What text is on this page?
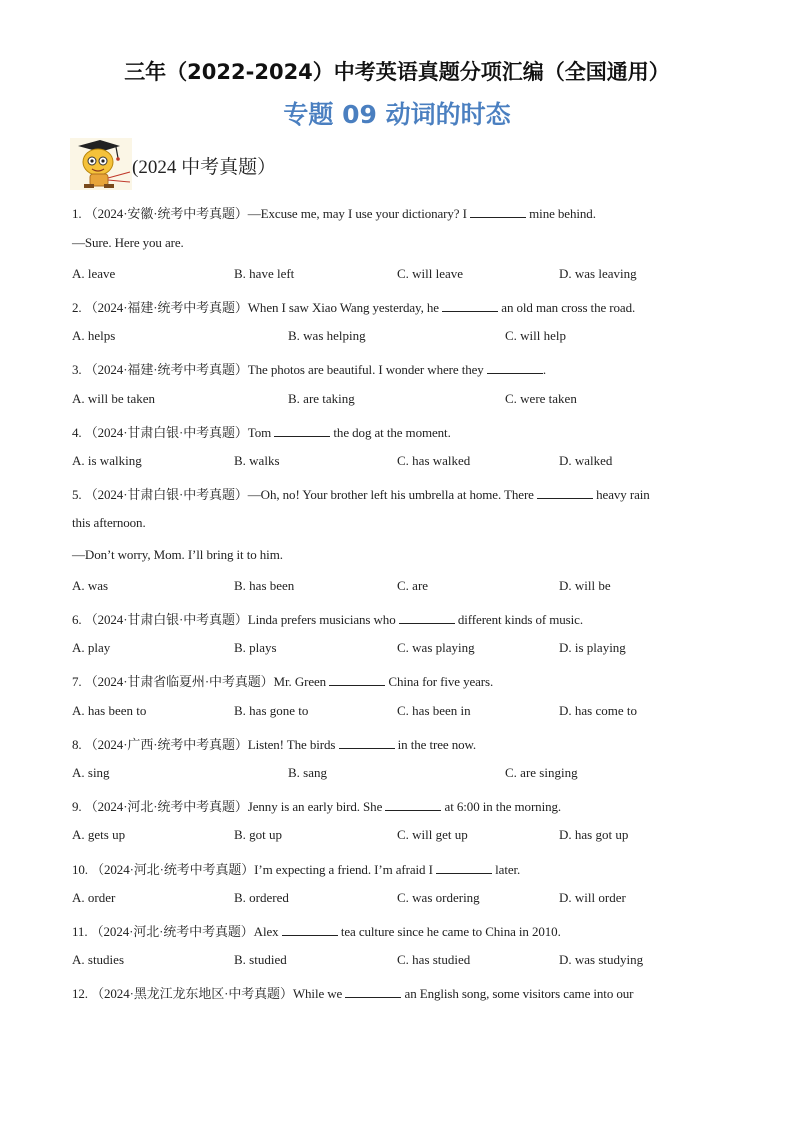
三年（2022-2024）中考英语真题分项汇编（全国通用）
专题 09 动词的时态
(2024 中考真题）
1. （2024·安徽·统考中考真题）—Excuse me, may I use your dictionary? I	mine behind.
—Sure. Here you are.
A. leave	B. have left	C. will leave	D. was leaving
2. （2024·福建·统考中考真题）When I saw Xiao Wang yesterday, he	an old man cross the road.
A. helps	B. was helping	C. will help
3. （2024·福建·统考中考真题）The photos are beautiful. I wonder where they	.
A. will be taken	B. are taking	C. were taken
4. （2024·甘肃白银·中考真题）Tom	the dog at the moment.
A. is walking	B. walks	C. has walked	D. walked
5. （2024·甘肃白银·中考真题）—Oh, no! Your brother left his umbrella at home. There	heavy rain
this afternoon.
—Don’t worry, Mom. I’ll bring it to him.
A. was	B. has been	C. are	D. will be
6. （2024·甘肃白银·中考真题）Linda prefers musicians who	different kinds of music.
A. play	B. plays	C. was playing	D. is playing
7. （2024·甘肃省临夏州·中考真题）Mr. Green	China for five years.
A. has been to	B. has gone to	C. has been in	D. has come to
8. （2024·广西·统考中考真题）Listen! The birds	in the tree now.
A. sing	B. sang	C. are singing
9. （2024·河北·统考中考真题）Jenny is an early bird. She	at 6:00 in the morning.
A. gets up	B. got up	C. will get up	D. has got up
10. （2024·河北·统考中考真题）I’m expecting a friend. I’m afraid I	later.
A. order	B. ordered	C. was ordering	D. will order
11. （2024·河北·统考中考真题）Alex	tea culture since he came to China in 2010.
A. studies	B. studied	C. has studied	D. was studying
12. （2024·黑龙江龙东地区·中考真题）While we	an English song, some visitors came into our
